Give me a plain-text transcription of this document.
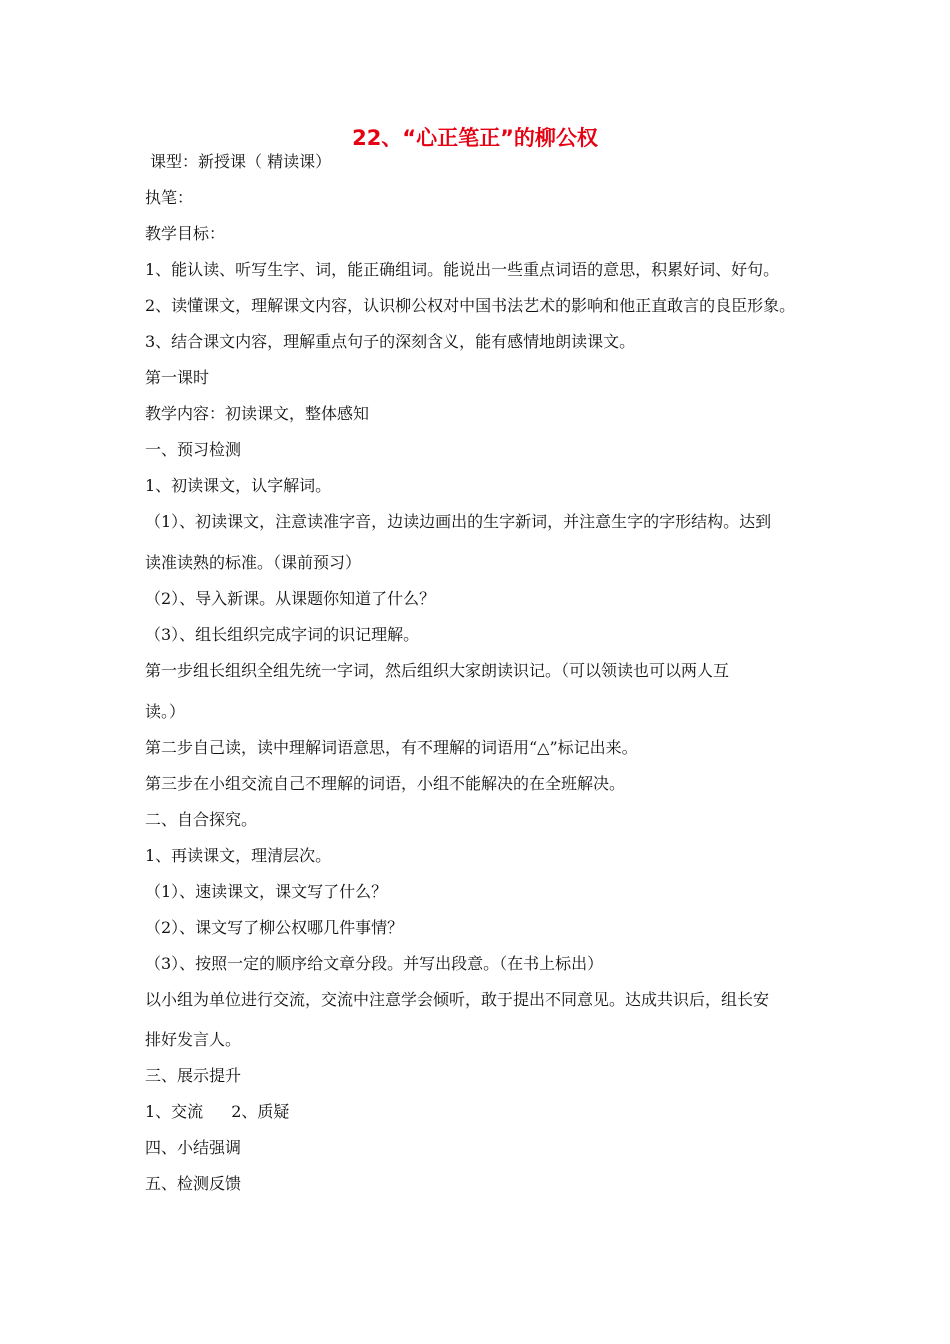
22、“心正笔正”的柳公权

课型：新授课（ 精读课）

执笔：

教学目标：

1、能认读、听写生字、词，能正确组词。能说出一些重点词语的意思，积累好词、好句。

2、读懂课文，理解课文内容，认识柳公权对中国书法艺术的影响和他正直敢言的良臣形象。

3、结合课文内容，理解重点句子的深刻含义，能有感情地朗读课文。

第一课时

教学内容：初读课文，整体感知

一、预习检测

1、初读课文，认字解词。

（1）、初读课文，注意读准字音，边读边画出的生字新词，并注意生字的字形结构。达到

读准读熟的标准。（课前预习）

（2）、导入新课。从课题你知道了什么？

（3）、组长组织完成字词的识记理解。

第一步组长组织全组先统一字词，然后组织大家朗读识记。（可以领读也可以两人互

读。）

第二步自己读，读中理解词语意思，有不理解的词语用“△”标记出来。

第三步在小组交流自己不理解的词语，小组不能解决的在全班解决。

二、自合探究。

1、再读课文，理清层次。

（1）、速读课文，课文写了什么？

（2）、课文写了柳公权哪几件事情？

（3）、按照一定的顺序给文章分段。并写出段意。（在书上标出）

以小组为单位进行交流，交流中注意学会倾听，敢于提出不同意见。达成共识后，组长安

排好发言人。

三、展示提升

1、交流 2、质疑

四、小结强调

五、检测反馈
